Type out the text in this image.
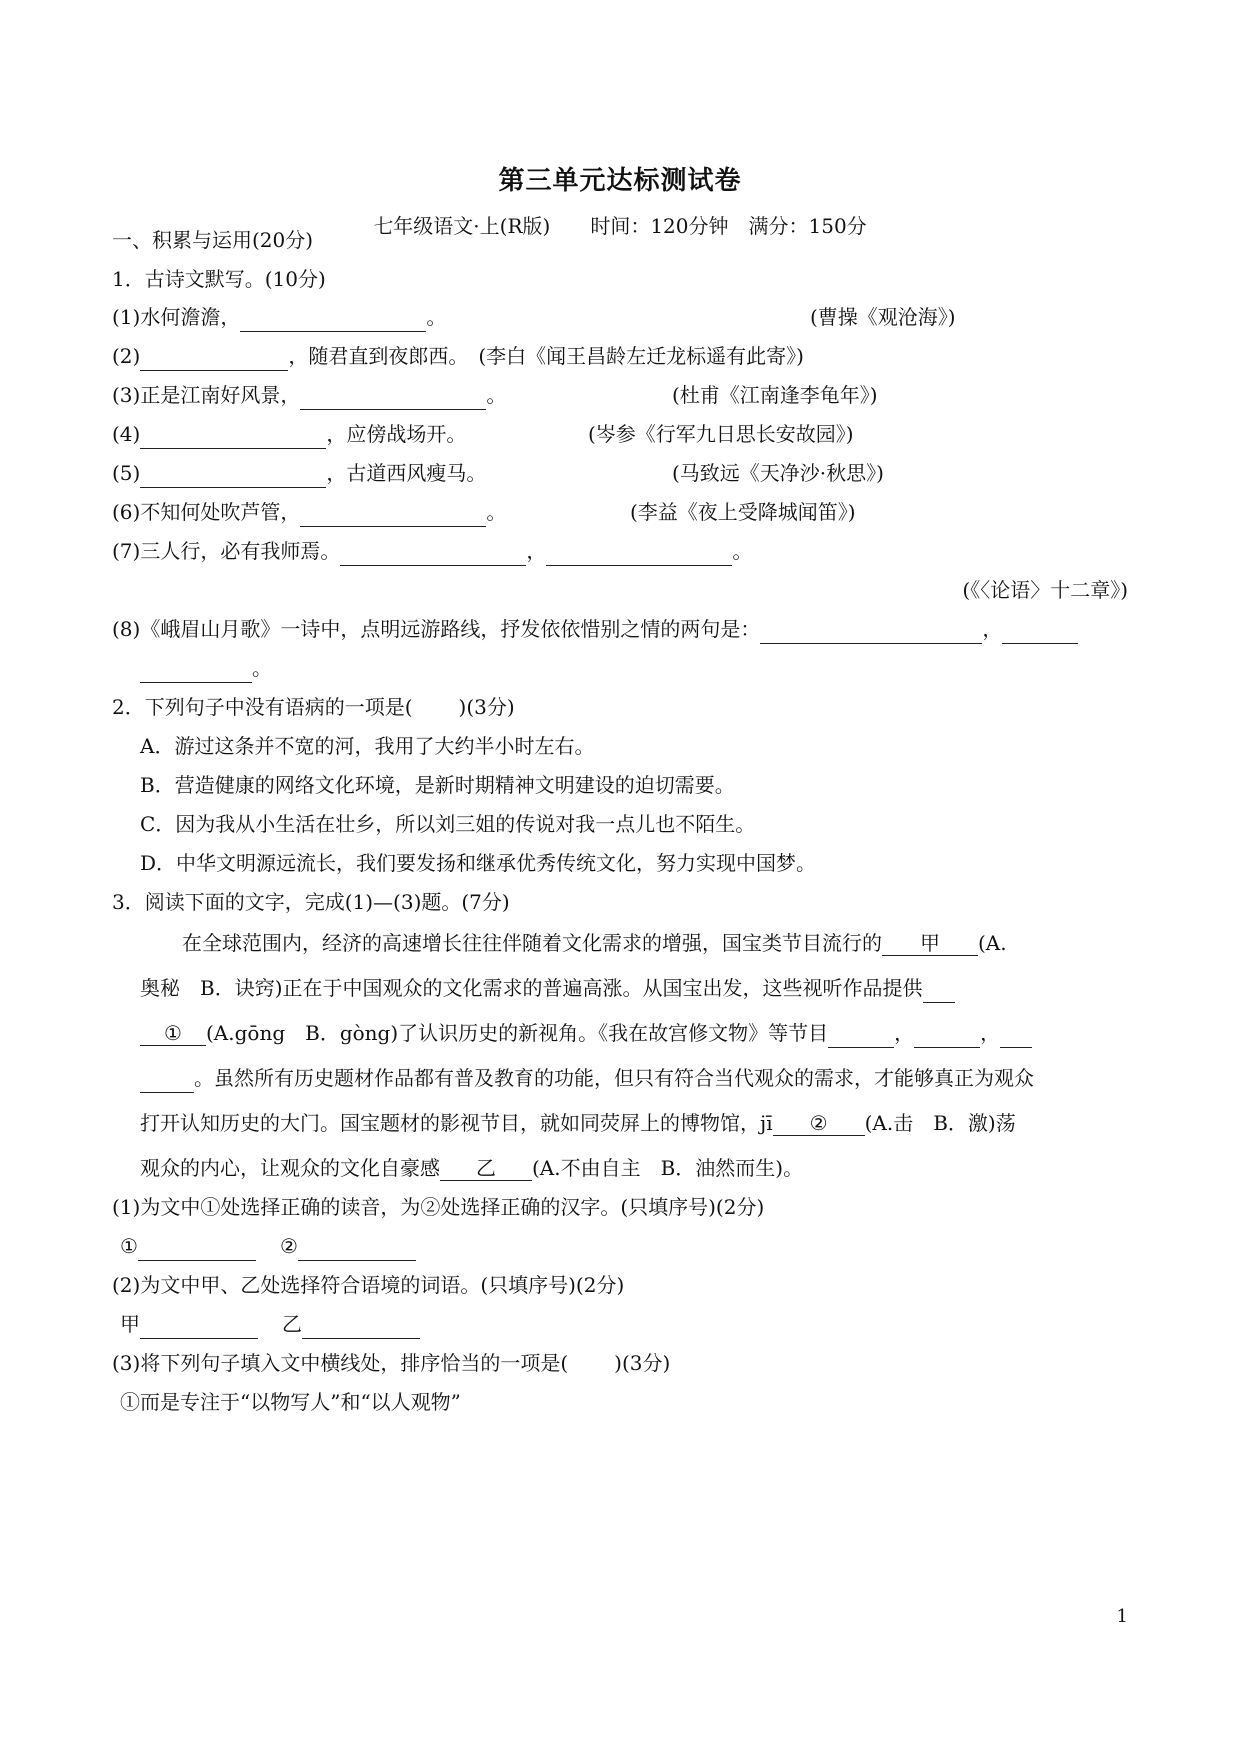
第三单元达标测试卷
七年级语文·上(R版)　　时间：120分钟　满分：150分
一、积累与运用(20分)
1．古诗文默写。(10分)
(1)水何澹澹，	。	(曹操《观沧海》)
(2)	，随君直到夜郎西。 (李白《闻王昌龄左迁龙标遥有此寄》)
(3)正是江南好风景，	。	(杜甫《江南逢李龟年》)
(4)	，应傍战场开。	(岑参《行军九日思长安故园》)
(5)	，古道西风瘦马。	(马致远《天净沙·秋思》)
(6)不知何处吹芦管，	。	(李益《夜上受降城闻笛》)
(7)三人行，必有我师焉。	，	。
(《〈论语〉十二章》)
(8)《峨眉山月歌》一诗中，点明远游路线，抒发依依惜别之情的两句是：	，
。
2．下列句子中没有语病的一项是( )(3分)
A．游过这条并不宽的河，我用了大约半小时左右。
B．营造健康的网络文化环境，是新时期精神文明建设的迫切需要。
C．因为我从小生活在壮乡，所以刘三姐的传说对我一点儿也不陌生。
D．中华文明源远流长，我们要发扬和继承优秀传统文化，努力实现中国梦。
3．阅读下面的文字，完成(1)—(3)题。(7分)
在全球范围内，经济的高速增长往往伴随着文化需求的增强，国宝类节目流行的 甲 (A.
奥秘　B．诀窍)正在于中国观众的文化需求的普遍高涨。从国宝出发，这些视听作品提供
① (A.gōng　B．gòng)了认识历史的新视角。《我在故宫修文物》等节目	，	，
。虽然所有历史题材作品都有普及教育的功能，但只有符合当代观众的需求，才能够真正为观众
打开认知历史的大门。国宝题材的影视节目，就如同荧屏上的博物馆，jī ② (A.击　B．激)荡
观众的内心，让观众的文化自豪感 乙 (A.不由自主　B．油然而生)。
(1)为文中①处选择正确的读音，为②处选择正确的汉字。(只填序号)(2分)
①	②
(2)为文中甲、乙处选择符合语境的词语。(只填序号)(2分)
甲	乙
(3)将下列句子填入文中横线处，排序恰当的一项是( )(3分)
①而是专注于“以物写人”和“以人观物”
1
